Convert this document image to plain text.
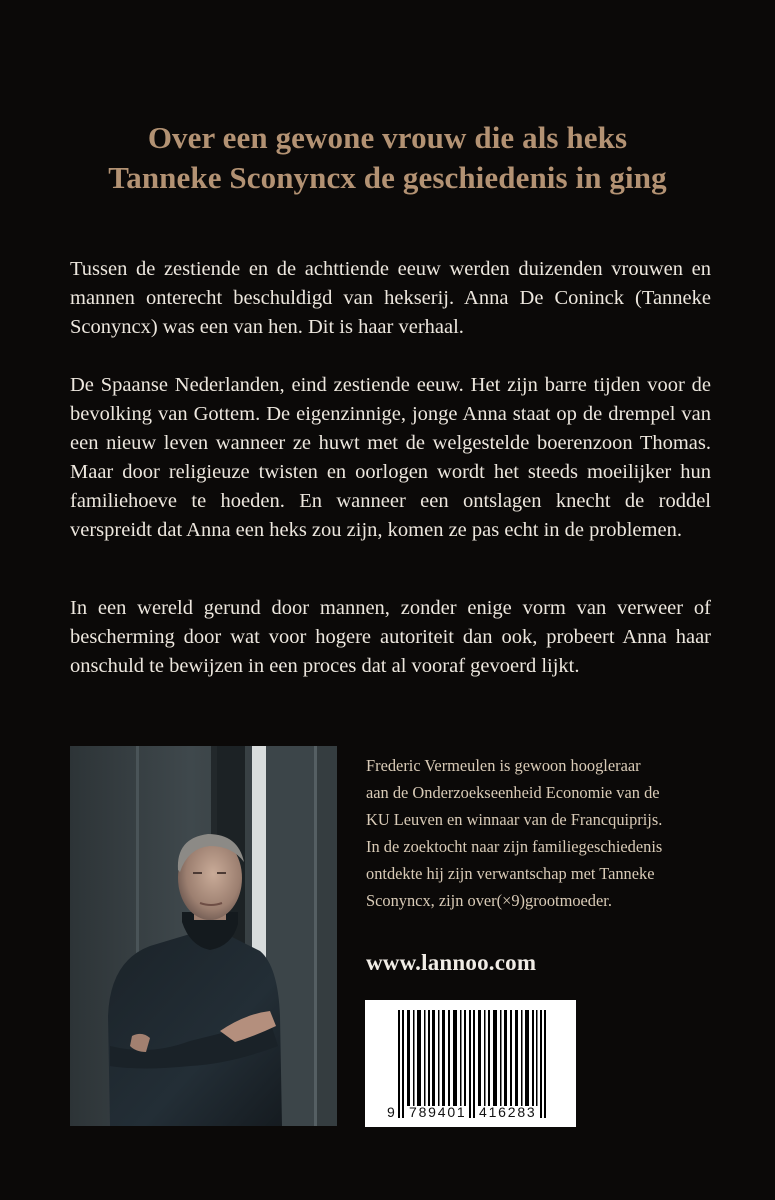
Over een gewone vrouw die als heks
Tanneke Sconyncx de geschiedenis in ging

Tussen de zestiende en de achttiende eeuw werden duizenden vrouwen en mannen onterecht beschuldigd van hekserij. Anna De Coninck (Tanneke Sconyncx) was een van hen. Dit is haar verhaal.

De Spaanse Nederlanden, eind zestiende eeuw. Het zijn barre tijden voor de bevolking van Gottem. De eigenzinnige, jonge Anna staat op de drempel van een nieuw leven wanneer ze huwt met de welgestelde boerenzoon Thomas. Maar door religieuze twisten en oorlogen wordt het steeds moeilijker hun familiehoeve te hoeden. En wanneer een ontslagen knecht de roddel verspreidt dat Anna een heks zou zijn, komen ze pas echt in de problemen.

In een wereld gerund door mannen, zonder enige vorm van verweer of bescherming door wat voor hogere autoriteit dan ook, probeert Anna haar onschuld te bewijzen in een proces dat al vooraf gevoerd lijkt.

Frederic Vermeulen is gewoon hoogleraar
aan de Onderzoekseenheid Economie van de
KU Leuven en winnaar van de Francquiprijs.
In de zoektocht naar zijn familiegeschiedenis
ontdekte hij zijn verwantschap met Tanneke
Sconyncx, zijn over(×9)grootmoeder.
www.lannoo.com
9 789401 416283
